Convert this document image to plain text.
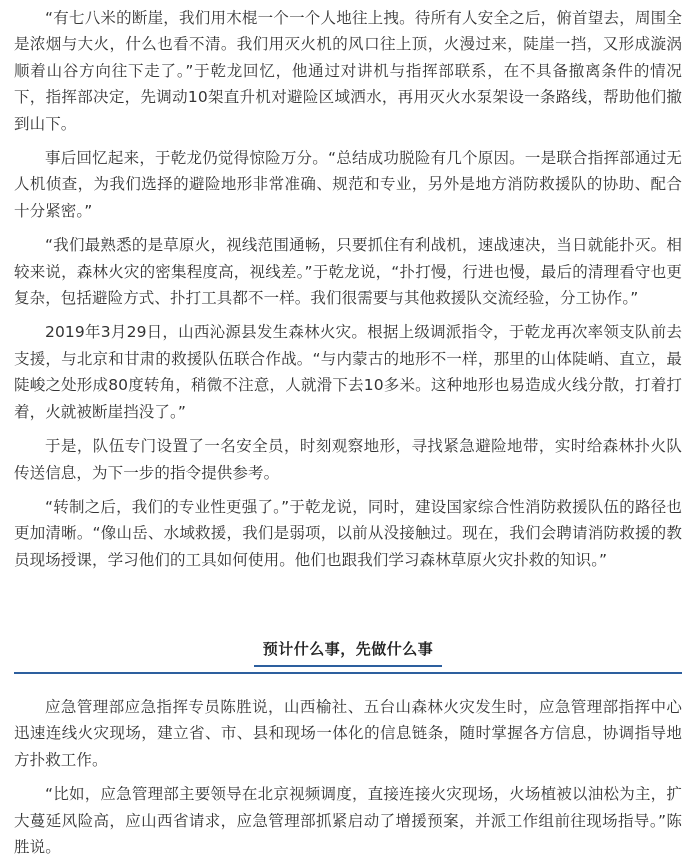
“有七八米的断崖，我们用木棍一个一个人地往上拽。待所有人安全之后，俯首望去，周围全是浓烟与大火，什么也看不清。我们用灭火机的风口往上顶，火漫过来，陡崖一挡，又形成漩涡顺着山谷方向往下走了。”于乾龙回忆，他通过对讲机与指挥部联系，在不具备撤离条件的情况下，指挥部决定，先调动10架直升机对避险区域洒水，再用灭火水泵架设一条路线，帮助他们撤到山下。

事后回忆起来，于乾龙仍觉得惊险万分。“总结成功脱险有几个原因。一是联合指挥部通过无人机侦查，为我们选择的避险地形非常准确、规范和专业，另外是地方消防救援队的协助、配合十分紧密。”

“我们最熟悉的是草原火，视线范围通畅，只要抓住有利战机，速战速决，当日就能扑灭。相较来说，森林火灾的密集程度高，视线差。”于乾龙说，“扑打慢，行进也慢，最后的清理看守也更复杂，包括避险方式、扑打工具都不一样。我们很需要与其他救援队交流经验，分工协作。”

2019年3月29日，山西沁源县发生森林火灾。根据上级调派指令，于乾龙再次率领支队前去支援，与北京和甘肃的救援队伍联合作战。“与内蒙古的地形不一样，那里的山体陡峭、直立，最陡峻之处形成80度转角，稍微不注意，人就滑下去10多米。这种地形也易造成火线分散，打着打着，火就被断崖挡没了。”

于是，队伍专门设置了一名安全员，时刻观察地形，寻找紧急避险地带，实时给森林扑火队传送信息，为下一步的指令提供参考。

“转制之后，我们的专业性更强了。”于乾龙说，同时，建设国家综合性消防救援队伍的路径也更加清晰。“像山岳、水域救援，我们是弱项，以前从没接触过。现在，我们会聘请消防救援的教员现场授课，学习他们的工具如何使用。他们也跟我们学习森林草原火灾扑救的知识。”

预计什么事，先做什么事

应急管理部应急指挥专员陈胜说，山西榆社、五台山森林火灾发生时，应急管理部指挥中心迅速连线火灾现场，建立省、市、县和现场一体化的信息链条，随时掌握各方信息，协调指导地方扑救工作。

“比如，应急管理部主要领导在北京视频调度，直接连接火灾现场，火场植被以油松为主，扩大蔓延风险高，应山西省请求，应急管理部抓紧启动了增援预案，并派工作组前往现场指导。”陈胜说。
